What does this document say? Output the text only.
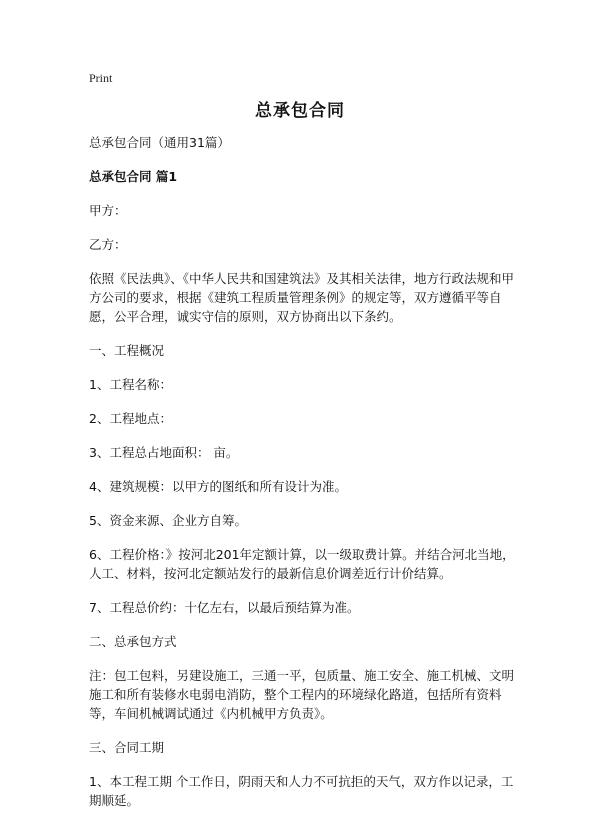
Print
总承包合同

总承包合同（通用31篇）

总承包合同 篇1

甲方：

乙方：

依照《民法典》、《中华人民共和国建筑法》及其相关法律，地方行政法规和甲方公司的要求，根据《建筑工程质量管理条例》的规定等，双方遵循平等自愿，公平合理，诚实守信的原则，双方协商出以下条约。

一、工程概况

1、工程名称：

2、工程地点：

3、工程总占地面积： 亩。

4、建筑规模：以甲方的图纸和所有设计为准。

5、资金来源、企业方自筹。

6、工程价格：》按河北201年定额计算，以一级取费计算。并结合河北当地，人工、材料，按河北定额站发行的最新信息价调差近行计价结算。

7、工程总价约：十亿左右，以最后预结算为准。

二、总承包方式

注：包工包料，另建设施工，三通一平，包质量、施工安全、施工机械、文明施工和所有装修水电弱电消防，整个工程内的环境绿化路道，包括所有资料等，车间机械调试通过《内机械甲方负责》。

三、合同工期

1、本工程工期 个工作日，阴雨天和人力不可抗拒的天气，双方作以记录，工期顺延。
